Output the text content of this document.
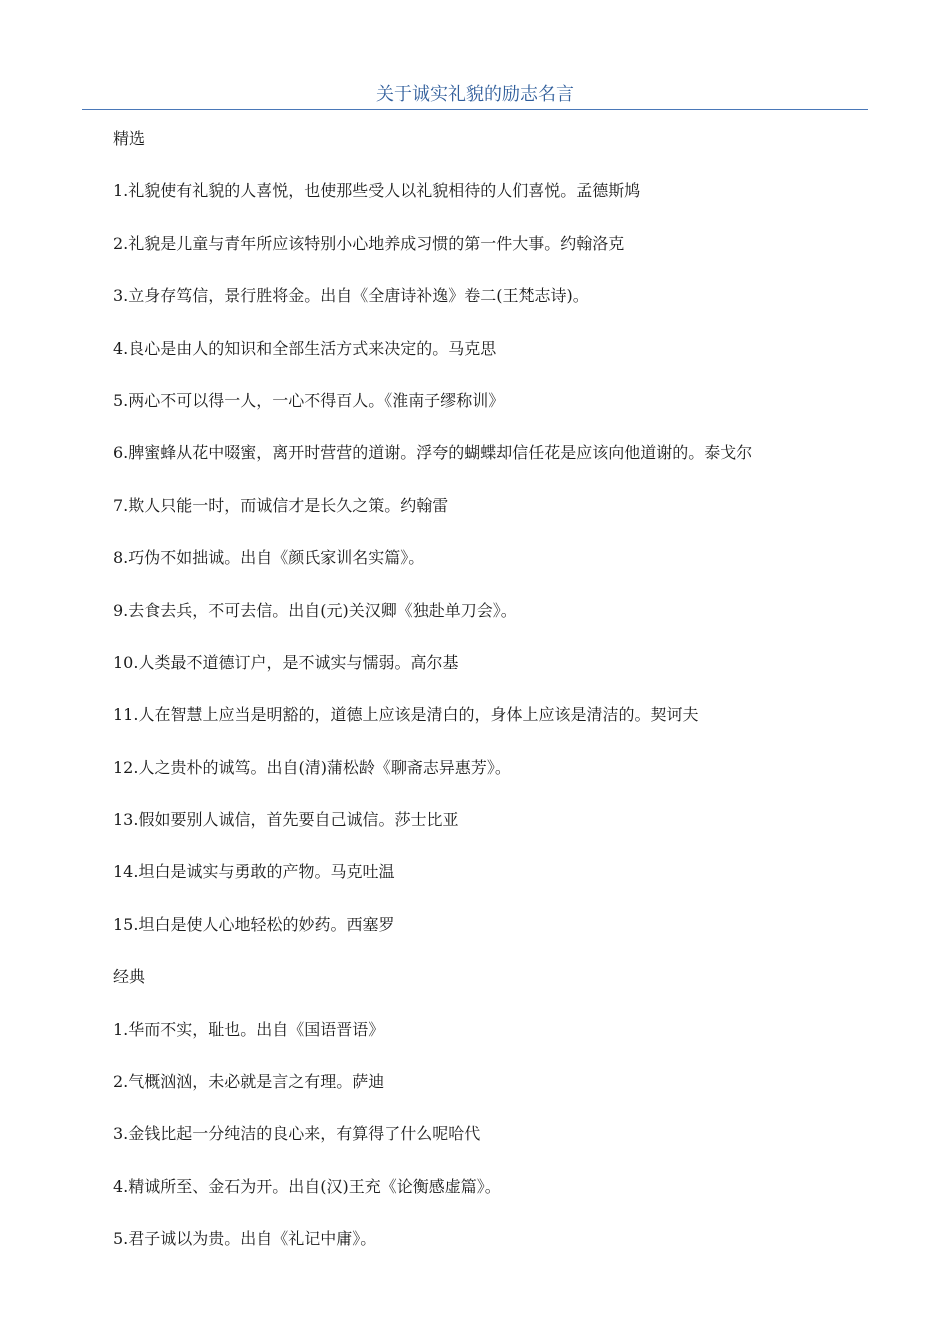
关于诚实礼貌的励志名言

精选

1.礼貌使有礼貌的人喜悦，也使那些受人以礼貌相待的人们喜悦。孟德斯鸠

2.礼貌是儿童与青年所应该特别小心地养成习惯的第一件大事。约翰洛克

3.立身存笃信，景行胜将金。出自《全唐诗补逸》卷二(王梵志诗)。

4.良心是由人的知识和全部生活方式来决定的。马克思

5.两心不可以得一人，一心不得百人。《淮南子缪称训》

6.脾蜜蜂从花中啜蜜，离开时营营的道谢。浮夸的蝴蝶却信任花是应该向他道谢的。泰戈尔

7.欺人只能一时，而诚信才是长久之策。约翰雷

8.巧伪不如拙诚。出自《颜氏家训名实篇》。

9.去食去兵，不可去信。出自(元)关汉卿《独赴单刀会》。

10.人类最不道德订户，是不诚实与懦弱。高尔基

11.人在智慧上应当是明豁的，道德上应该是清白的，身体上应该是清洁的。契诃夫

12.人之贵朴的诚笃。出自(清)蒲松龄《聊斋志异惠芳》。

13.假如要别人诚信，首先要自己诚信。莎士比亚

14.坦白是诚实与勇敢的产物。马克吐温

15.坦白是使人心地轻松的妙药。西塞罗

经典

1.华而不实，耻也。出自《国语晋语》

2.气概汹汹，未必就是言之有理。萨迪

3.金钱比起一分纯洁的良心来，有算得了什么呢哈代

4.精诚所至、金石为开。出自(汉)王充《论衡感虚篇》。

5.君子诚以为贵。出自《礼记中庸》。
